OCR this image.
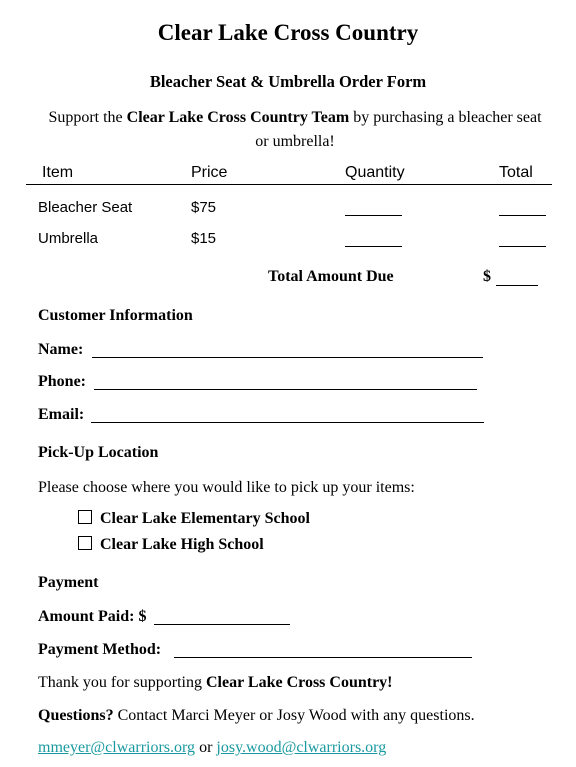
Clear Lake Cross Country
Bleacher Seat & Umbrella Order Form
Support the Clear Lake Cross Country Team by purchasing a bleacher seat or umbrella!
Item	Price	Quantity	Total
Bleacher Seat	$75
Umbrella	$15
Total Amount Due	$
Customer Information
Name:
Phone:
Email:
Pick-Up Location
Please choose where you would like to pick up your items:
Clear Lake Elementary School
Clear Lake High School
Payment
Amount Paid: $
Payment Method:
Thank you for supporting Clear Lake Cross Country!
Questions? Contact Marci Meyer or Josy Wood with any questions.
mmeyer@clwarriors.org or josy.wood@clwarriors.org
